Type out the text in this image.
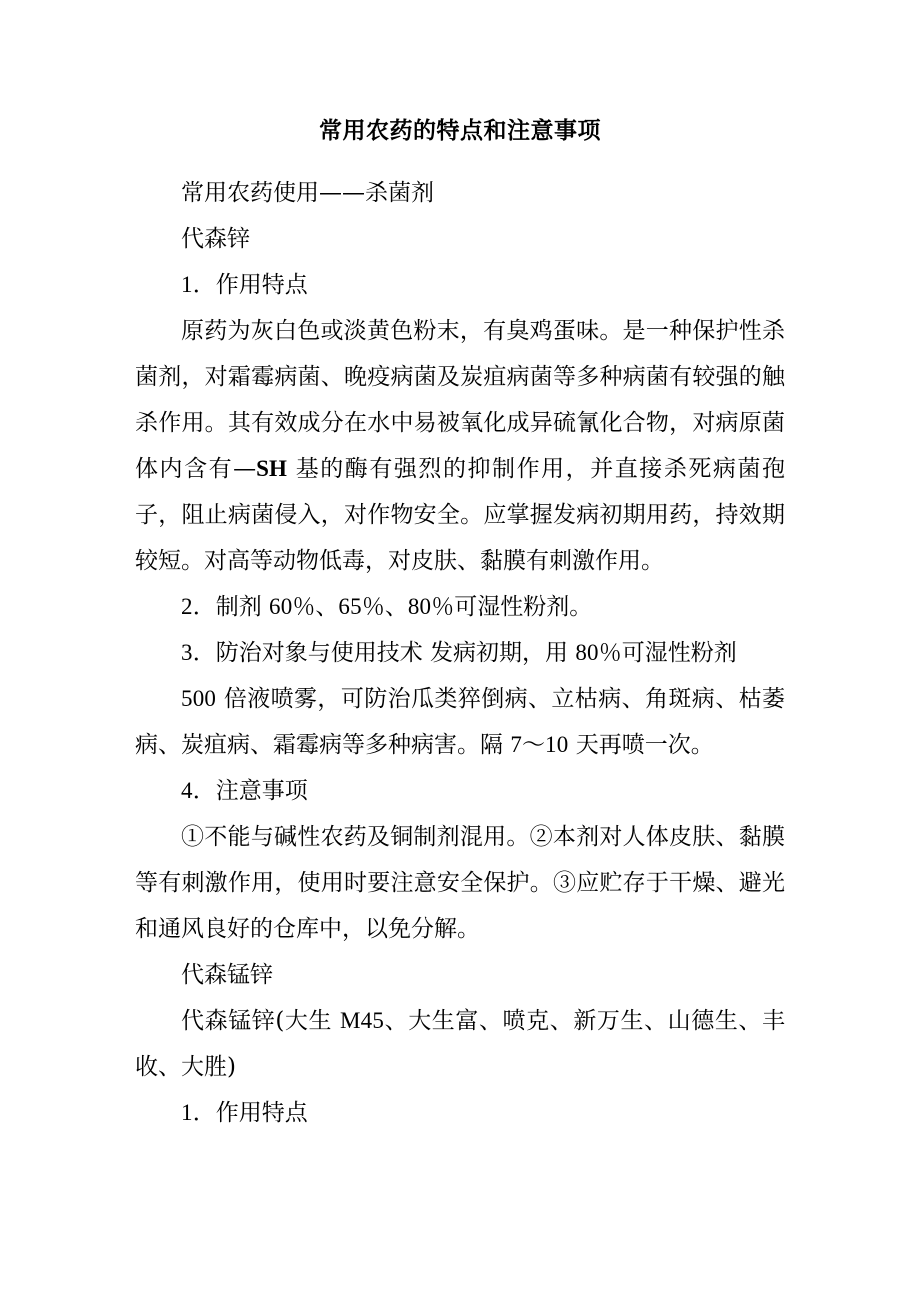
常用农药的特点和注意事项

常用农药使用——杀菌剂

代森锌

1．作用特点

原药为灰白色或淡黄色粉末，有臭鸡蛋味。是一种保护性杀菌剂，对霜霉病菌、晚疫病菌及炭疽病菌等多种病菌有较强的触杀作用。其有效成分在水中易被氧化成异硫氰化合物，对病原菌体内含有—SH 基的酶有强烈的抑制作用，并直接杀死病菌孢子，阻止病菌侵入，对作物安全。应掌握发病初期用药，持效期较短。对高等动物低毒，对皮肤、黏膜有刺激作用。

2．制剂 60％、65％、80％可湿性粉剂。

3．防治对象与使用技术 发病初期，用 80％可湿性粉剂

500 倍液喷雾，可防治瓜类猝倒病、立枯病、角斑病、枯萎病、炭疽病、霜霉病等多种病害。隔 7～10 天再喷一次。

4．注意事项

①不能与碱性农药及铜制剂混用。②本剂对人体皮肤、黏膜等有刺激作用，使用时要注意安全保护。③应贮存于干燥、避光和通风良好的仓库中，以免分解。

代森锰锌

代森锰锌(大生 M45、大生富、喷克、新万生、山德生、丰收、大胜)

1．作用特点
